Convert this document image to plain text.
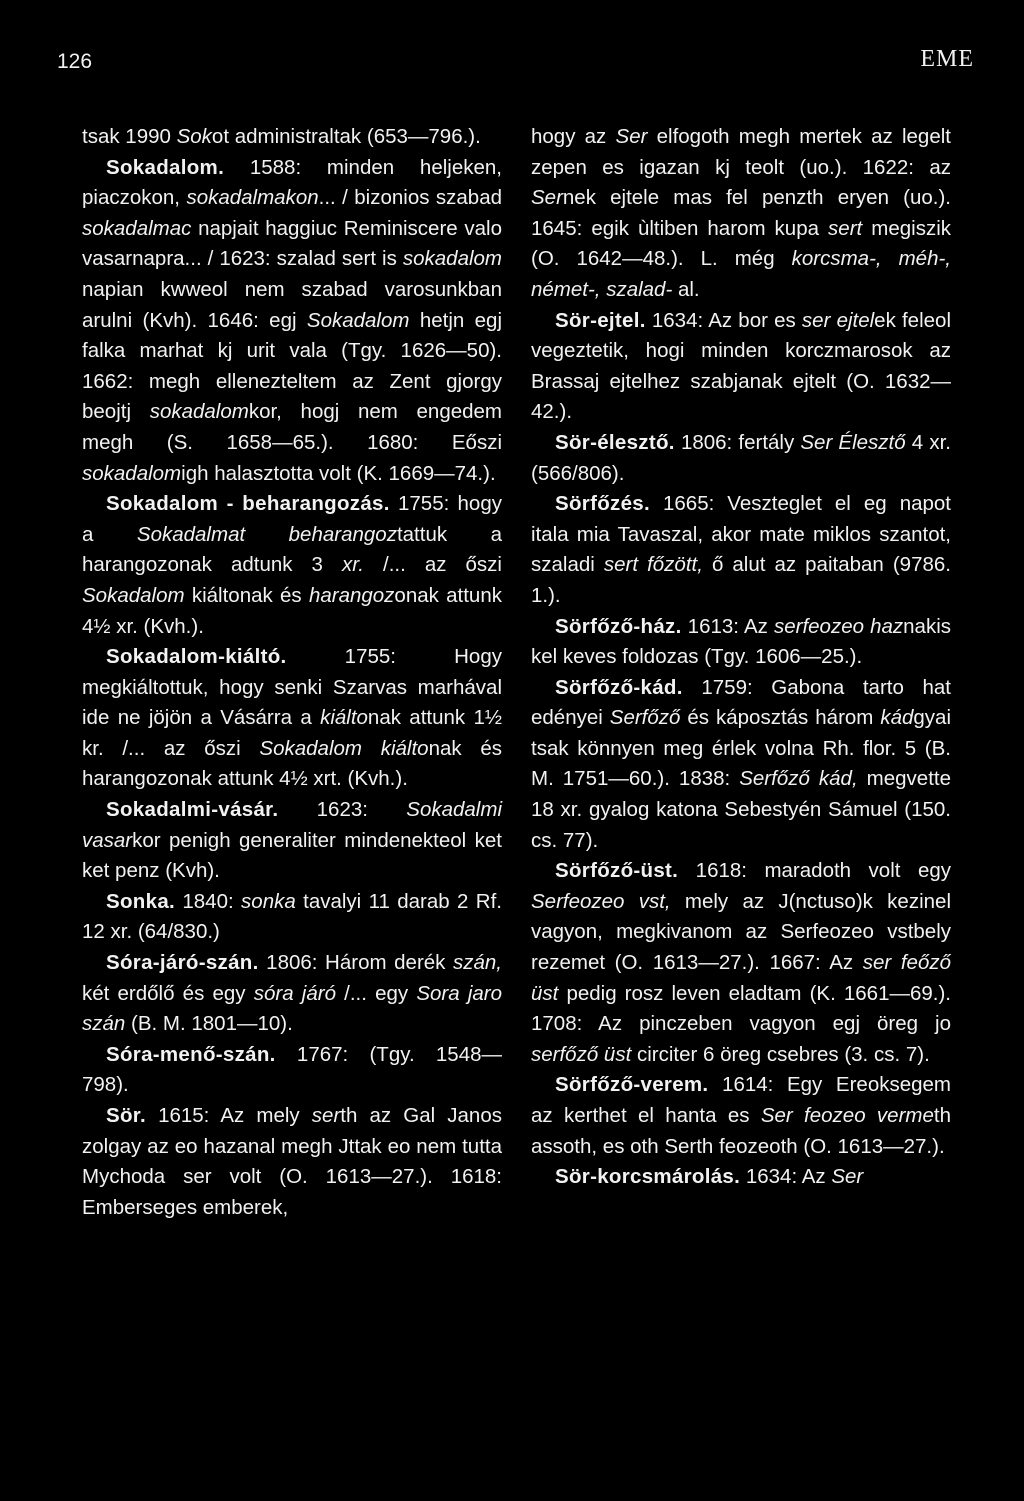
126	EME

tsak 1990 Sokot administraltak (653—796.).

Sokadalom. 1588: minden heljeken, piaczokon, sokadalmakon... / bizonios szabad sokadalmac napjait haggiuc Reminiscere valo vasarnapra... / 1623: szalad sert is sokadalom napian kwweol nem szabad varosunkban arulni (Kvh). 1646: egj Sokadalom hetjn egj falka marhat kj urit vala (Tgy. 1626—50). 1662: megh ellenezteltem az Zent gjorgy beojtj sokadalomkor, hogj nem engedem megh (S. 1658—65.). 1680: Eőszi sokadalomigh halasztotta volt (K. 1669—74.).

Sokadalom - beharangozás. 1755: hogy a Sokadalmat beharangoztattuk a harangozonak adtunk 3 xr. /... az őszi Sokadalom kiáltonak és harangozonak attunk 4½ xr. (Kvh.).

Sokadalom-kiáltó. 1755: Hogy megkiáltottuk, hogy senki Szarvas marhával ide ne jöjön a Vásárra a kiáltonak attunk 1½ kr. /... az őszi Sokadalom kiáltonak és harangozonak attunk 4½ xrt. (Kvh.).

Sokadalmi-vásár. 1623: Sokadalmi vasarkor penigh generaliter mindenekteol ket ket penz (Kvh).

Sonka. 1840: sonka tavalyi 11 darab 2 Rf. 12 xr. (64/830.)

Sóra-járó-szán. 1806: Három derék szán, két erdőlő és egy sóra járó /... egy Sora jaro szán (B. M. 1801—10).

Sóra-menő-szán. 1767: (Tgy. 1548—798).

Sör. 1615: Az mely serth az Gal Janos zolgay az eo hazanal megh Jttak eo nem tutta Mychoda ser volt (O. 1613—27.). 1618: Emberseges emberek,

hogy az Ser elfogoth megh mertek az legelt zepen es igazan kj teolt (uo.). 1622: az Sernek ejtele mas fel penzth eryen (uo.). 1645: egik ùltiben harom kupa sert megiszik (O. 1642—48.). L. még korcsma-, méh-, német-, szalad- al.

Sör-ejtel. 1634: Az bor es ser ejtelek feleol vegeztetik, hogi minden korczmarosok az Brassaj ejtelhez szabjanak ejtelt (O. 1632—42.).

Sör-élesztő. 1806: fertály Ser Élesztő 4 xr. (566/806).

Sörfőzés. 1665: Veszteglet el eg napot itala mia Tavaszal, akor mate miklos szantot, szaladi sert főzött, ő alut az paitaban (9786. 1.).

Sörfőző-ház. 1613: Az serfeozeo haznakis kel keves foldozas (Tgy. 1606—25.).

Sörfőző-kád. 1759: Gabona tarto hat edényei Serfőző és káposztás három kádgyai tsak könnyen meg érlek volna Rh. flor. 5 (B. M. 1751—60.). 1838: Serfőző kád, megvette 18 xr. gyalog katona Sebestyén Sámuel (150. cs. 77).

Sörfőző-üst. 1618: maradoth volt egy Serfeozeo vst, mely az J(nctuso)k kezinel vagyon, megkivanom az Serfeozeo vstbely rezemet (O. 1613—27.). 1667: Az ser feőző üst pedig rosz leven eladtam (K. 1661—69.). 1708: Az pinczeben vagyon egj öreg jo serfőző üst circiter 6 öreg csebres (3. cs. 7).

Sörfőző-verem. 1614: Egy Ereoksegem az kerthet el hanta es Ser feozeo vermeth assoth, es oth Serth feozeoth (O. 1613—27.).

Sör-korcsmárolás. 1634: Az Ser
